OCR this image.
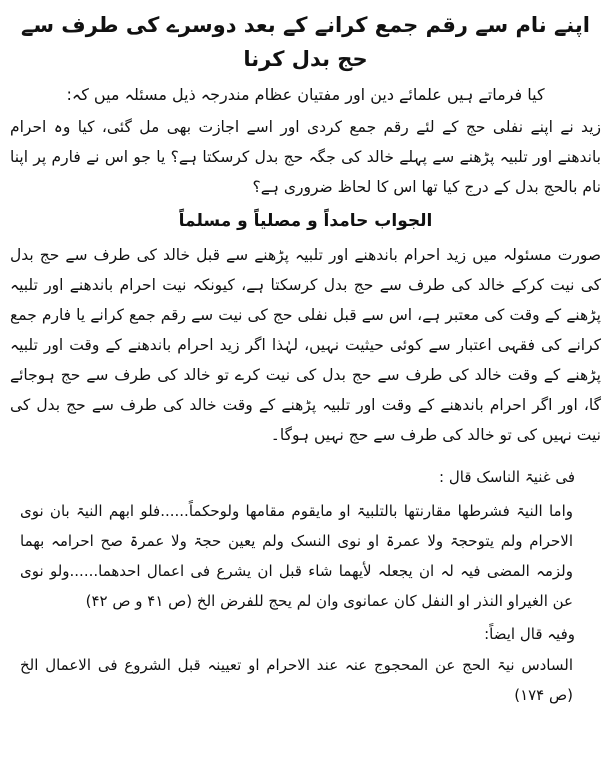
اپنے نام سے رقم جمع کرانے کے بعد دوسرے کی طرف سے حج بدل کرنا

کیا فرماتے ہیں علمائے دین اور مفتیان عظام مندرجہ ذیل مسئلہ میں کہ:

زید نے اپنے نفلی حج کے لئے رقم جمع کردی اور اسے اجازت بھی مل گئی، کیا وہ احرام باندھنے اور تلبیہ پڑھنے سے پہلے خالد کی جگہ حج بدل کرسکتا ہے؟ یا جو اس نے فارم پر اپنا نام بالحج بدل کے درج کیا تھا اس کا لحاظ ضروری ہے؟

الجواب حامداً و مصلیاً و مسلماً

صورت مسئولہ میں زید احرام باندھنے اور تلبیہ پڑھنے سے قبل خالد کی طرف سے حج بدل کی نیت کرکے خالد کی طرف سے حج بدل کرسکتا ہے، کیونکہ نیت احرام باندھنے اور تلبیہ پڑھنے کے وقت کی معتبر ہے، اس سے قبل نفلی حج کی نیت سے رقم جمع کرانے یا فارم جمع کرانے کی فقہی اعتبار سے کوئی حیثیت نہیں، لہٰذا اگر زید احرام باندھنے کے وقت اور تلبیہ پڑھنے کے وقت خالد کی طرف سے حج بدل کی نیت کرے تو خالد کی طرف سے حج ہوجائے گا، اور اگر احرام باندھنے کے وقت اور تلبیہ پڑھنے کے وقت خالد کی طرف سے حج بدل کی نیت نہیں کی تو خالد کی طرف سے حج نہیں ہوگا۔

فی غنیۃ الناسک قال :

واما النیۃ فشرطھا مقارنتھا بالتلبیۃ او مایقوم مقامھا ولوحکماً......فلو ابھم النیۃ بان نوی الاحرام ولم یتوحجۃ ولا عمرۃ او نوی النسک ولم یعین حجۃ ولا عمرۃ صح احرامہ بھما ولزمہ المضی فیہ لہ ان یجعلہ لأیھما شاء قبل ان یشرع فی اعمال احدھما......ولو نوی عن الغیراو النذر او النفل کان عمانوی وان لم یحج للفرض الخ (ص ۴۱ و ص ۴۲)

وفیہ قال ایضاً:

السادس نیۃ الحج عن المحجوج عنہ عند الاحرام او تعیینہ قبل الشروع فی الاعمال الخ (ص ۱۷۴)
